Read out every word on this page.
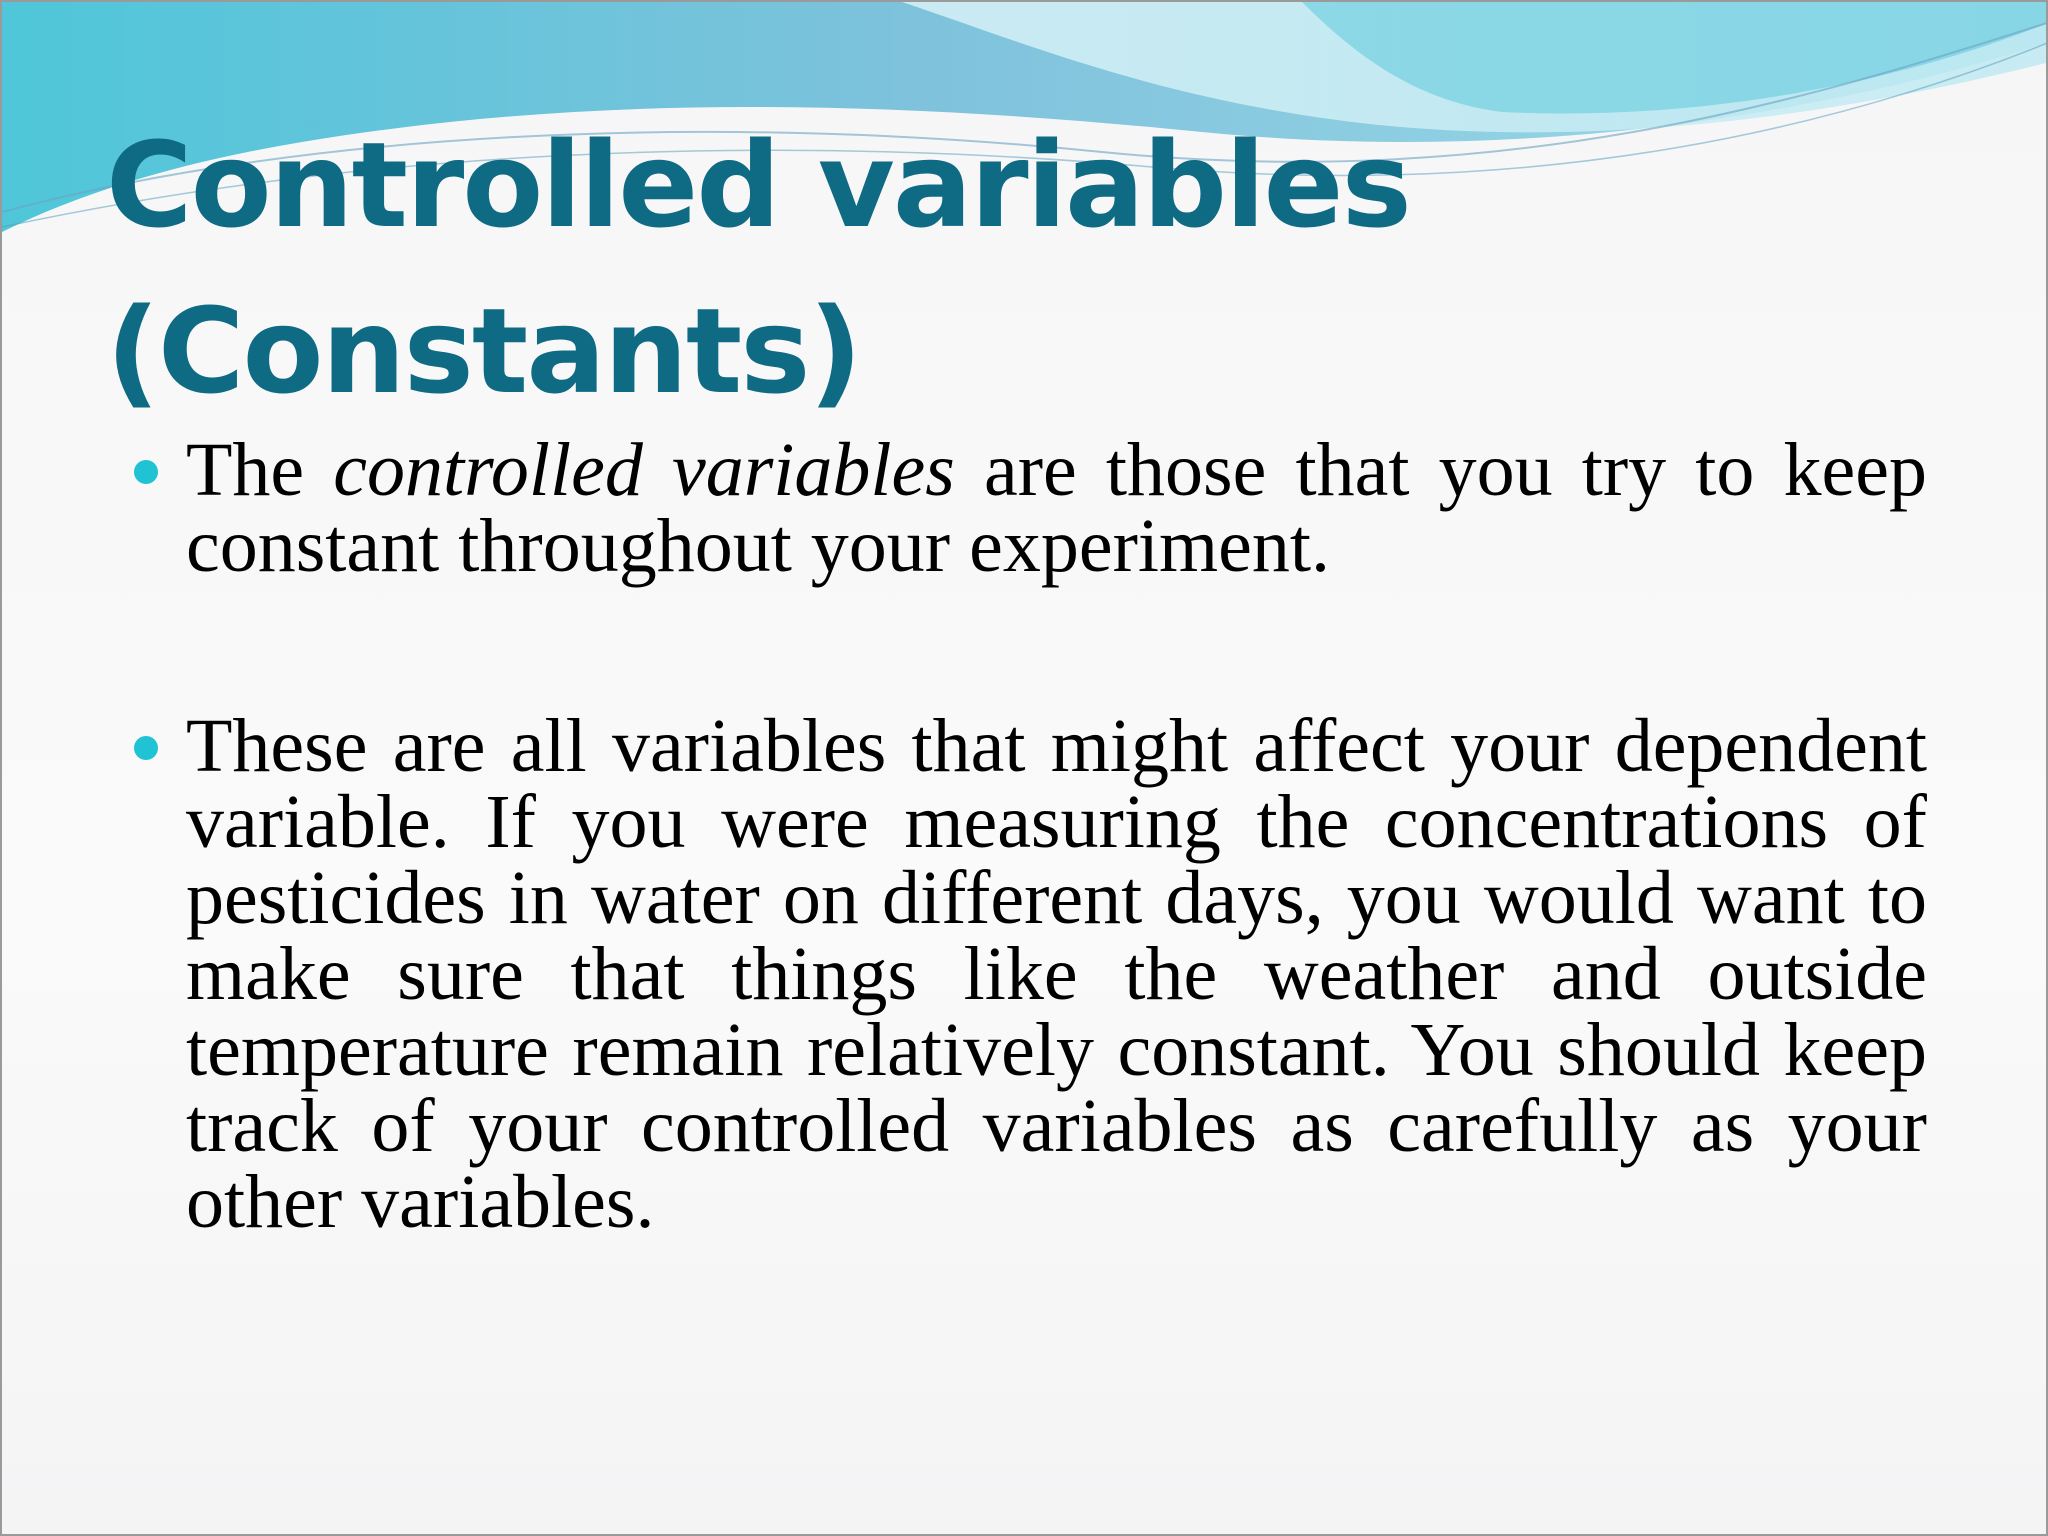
Controlled variables
(Constants)
The controlled variables are those that you try to keep constant throughout your experiment.
These are all variables that might affect your dependent variable. If you were measuring the concentrations of pesticides in water on different days, you would want to make sure that things like the weather and outside temperature remain relatively constant. You should keep track of your controlled variables as carefully as your other variables.
